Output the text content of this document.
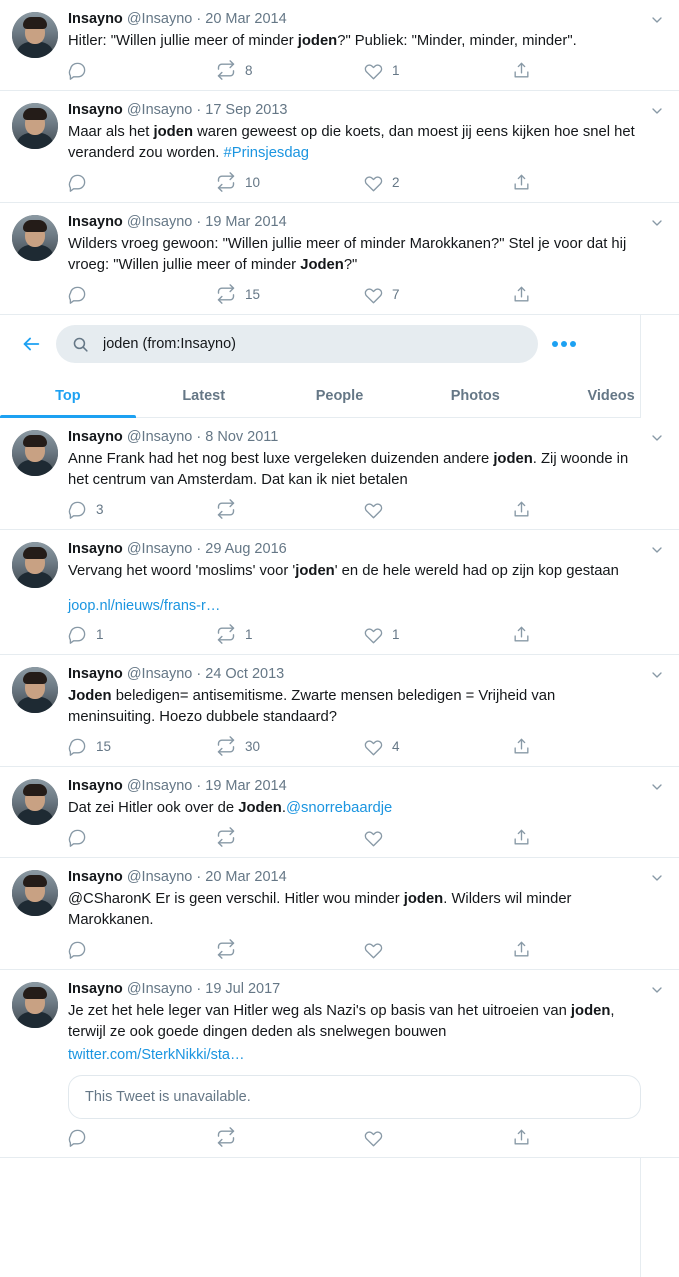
Insayno @Insayno · 20 Mar 2014
Hitler: "Willen jullie meer of minder joden?" Publiek: "Minder, minder, minder".
8	1
Insayno @Insayno · 17 Sep 2013
Maar als het joden waren geweest op die koets, dan moest jij eens kijken hoe snel het veranderd zou worden. #Prinsjesdag
10	2
Insayno @Insayno · 19 Mar 2014
Wilders vroeg gewoon: "Willen jullie meer of minder Marokkanen?" Stel je voor dat hij vroeg: "Willen jullie meer of minder Joden?"
15	7
joden (from:Insayno)
Top	Latest	People	Photos	Videos
Insayno @Insayno · 8 Nov 2011
Anne Frank had het nog best luxe vergeleken duizenden andere joden. Zij woonde in het centrum van Amsterdam. Dat kan ik niet betalen
3
Insayno @Insayno · 29 Aug 2016
Vervang het woord 'moslims' voor 'joden' en de hele wereld had op zijn kop gestaan
joop.nl/nieuws/frans-r…
1	1	1
Insayno @Insayno · 24 Oct 2013
Joden beledigen= antisemitisme. Zwarte mensen beledigen = Vrijheid van meninsuiting. Hoezo dubbele standaard?
15	30	4
Insayno @Insayno · 19 Mar 2014
Dat zei Hitler ook over de Joden.@snorrebaardje
Insayno @Insayno · 20 Mar 2014
@CSharonK Er is geen verschil. Hitler wou minder joden. Wilders wil minder Marokkanen.
Insayno @Insayno · 19 Jul 2017
Je zet het hele leger van Hitler weg als Nazi's op basis van het uitroeien van joden, terwijl ze ook goede dingen deden als snelwegen bouwen
twitter.com/SterkNikki/sta…
This Tweet is unavailable.
